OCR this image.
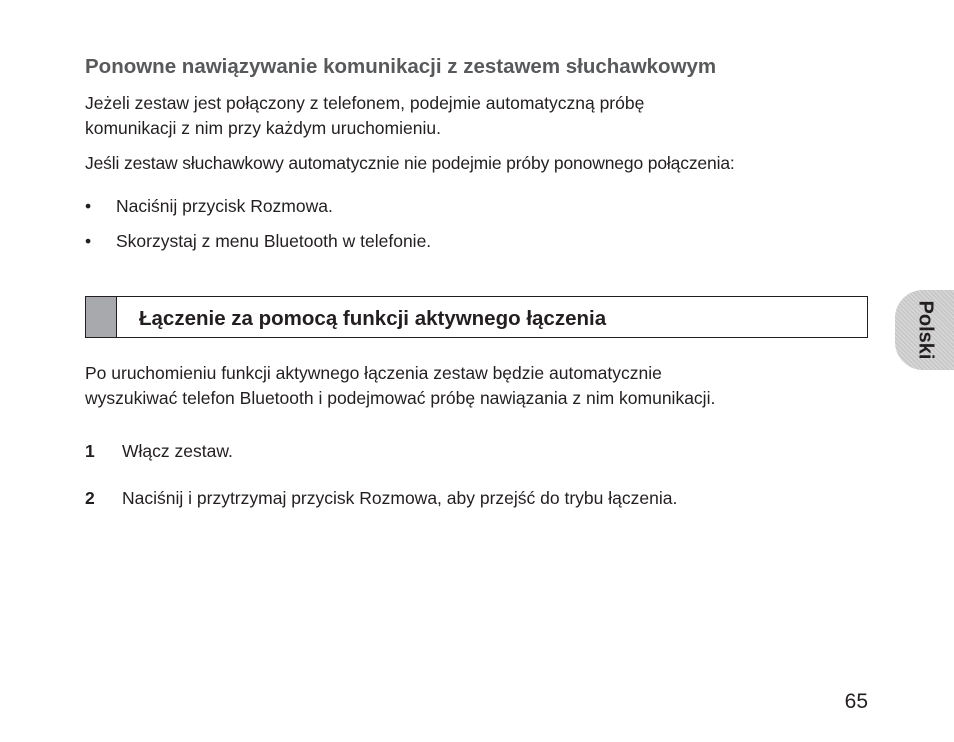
Ponowne nawiązywanie komunikacji z zestawem słuchawkowym
Jeżeli zestaw jest połączony z telefonem, podejmie automatyczną próbę
komunikacji z nim przy każdym uruchomieniu.
Jeśli zestaw słuchawkowy automatycznie nie podejmie próby ponownego połączenia:
• Naciśnij przycisk Rozmowa.
• Skorzystaj z menu Bluetooth w telefonie.
Łączenie za pomocą funkcji aktywnego łączenia
Po uruchomieniu funkcji aktywnego łączenia zestaw będzie automatycznie
wyszukiwać telefon Bluetooth i podejmować próbę nawiązania z nim komunikacji.
1 Włącz zestaw.
2 Naciśnij i przytrzymaj przycisk Rozmowa, aby przejść do trybu łączenia.
Polski
65
